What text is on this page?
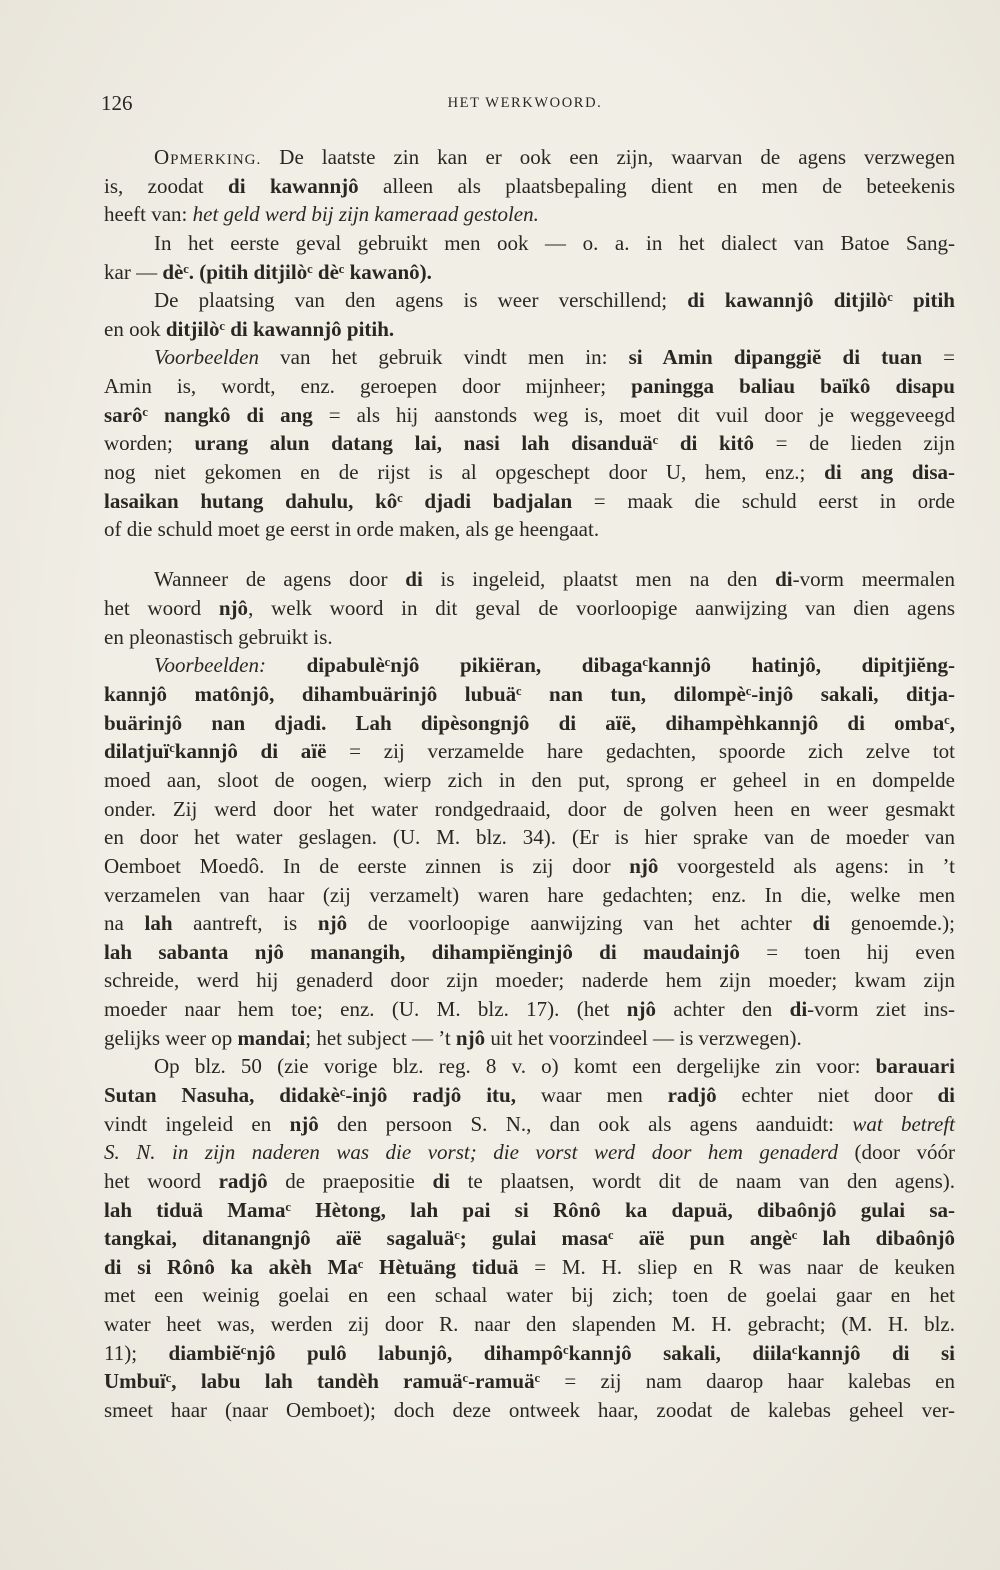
126	HET WERKWOORD.
OPMERKING. De laatste zin kan er ook een zijn, waarvan de agens verzwegen
is, zoodat di kawannjô alleen als plaatsbepaling dient en men de beteekenis
heeft van: het geld werd bij zijn kameraad gestolen.
In het eerste geval gebruikt men ook — o. a. in het dialect van Batoe Sang-
kar — dèᶜ. (pitih ditjilòᶜ dèᶜ kawanô).
De plaatsing van den agens is weer verschillend; di kawannjô ditjilòᶜ pitih
en ook ditjilòᶜ di kawannjô pitih.
Voorbeelden van het gebruik vindt men in: si Amin dipanggiĕ di tuan =
Amin is, wordt, enz. geroepen door mijnheer; paningga baliau baïkô disapu
sarôᶜ nangkô di ang = als hij aanstonds weg is, moet dit vuil door je weggeveegd
worden; urang alun datang lai, nasi lah disanduäᶜ di kitô = de lieden zijn
nog niet gekomen en de rijst is al opgeschept door U, hem, enz.; di ang disa-
lasaikan hutang dahulu, kôᶜ djadi badjalan = maak die schuld eerst in orde
of die schuld moet ge eerst in orde maken, als ge heengaat.
Wanneer de agens door di is ingeleid, plaatst men na den di-vorm meermalen
het woord njô, welk woord in dit geval de voorloopige aanwijzing van dien agens
en pleonastisch gebruikt is.
Voorbeelden: dipabulèᶜnjô pikiëran, dibagaᶜkannjô hatinjô, dipitjiĕng-
kannjô matônjô, dihambuärinjô lubuäᶜ nan tun, dilompèᶜ-injô sakali, ditja-
buärinjô nan djadi. Lah dipèsongnjô di aïë, dihampèhkannjô di ombaᶜ,
dilatjuïᶜkannjô di aïë = zij verzamelde hare gedachten, spoorde zich zelve tot
moed aan, sloot de oogen, wierp zich in den put, sprong er geheel in en dompelde
onder. Zij werd door het water rondgedraaid, door de golven heen en weer gesmakt
en door het water geslagen. (U. M. blz. 34). (Er is hier sprake van de moeder van
Oemboet Moedô. In de eerste zinnen is zij door njô voorgesteld als agens: in ’t
verzamelen van haar (zij verzamelt) waren hare gedachten; enz. In die, welke men
na lah aantreft, is njô de voorloopige aanwijzing van het achter di genoemde.);
lah sabanta njô manangih, dihampiĕnginjô di maudainjô = toen hij even
schreide, werd hij genaderd door zijn moeder; naderde hem zijn moeder; kwam zijn
moeder naar hem toe; enz. (U. M. blz. 17). (het njô achter den di-vorm ziet ins-
gelijks weer op mandai; het subject — ’t njô uit het voorzindeel — is verzwegen).
Op blz. 50 (zie vorige blz. reg. 8 v. o) komt een dergelijke zin voor: barauari
Sutan Nasuha, didakèᶜ-injô radjô itu, waar men radjô echter niet door di
vindt ingeleid en njô den persoon S. N., dan ook als agens aanduidt: wat betreft
S. N. in zijn naderen was die vorst; die vorst werd door hem genaderd (door vóór
het woord radjô de praepositie di te plaatsen, wordt dit de naam van den agens).
lah tiduä Mamaᶜ Hètong, lah pai si Rônô ka dapuä, dibaônjô gulai sa-
tangkai, ditanangnjô aïë sagaluäᶜ; gulai masaᶜ aïë pun angèᶜ lah dibaônjô
di si Rônô ka akèh Maᶜ Hètuäng tiduä = M. H. sliep en R was naar de keuken
met een weinig goelai en een schaal water bij zich; toen de goelai gaar en het
water heet was, werden zij door R. naar den slapenden M. H. gebracht; (M. H. blz.
11); diambiĕᶜnjô pulô labunjô, dihampôᶜkannjô sakali, diilaᶜkannjô di si
Umbuïᶜ, labu lah tandèh ramuäᶜ-ramuäᶜ = zij nam daarop haar kalebas en
smeet haar (naar Oemboet); doch deze ontweek haar, zoodat de kalebas geheel ver-
